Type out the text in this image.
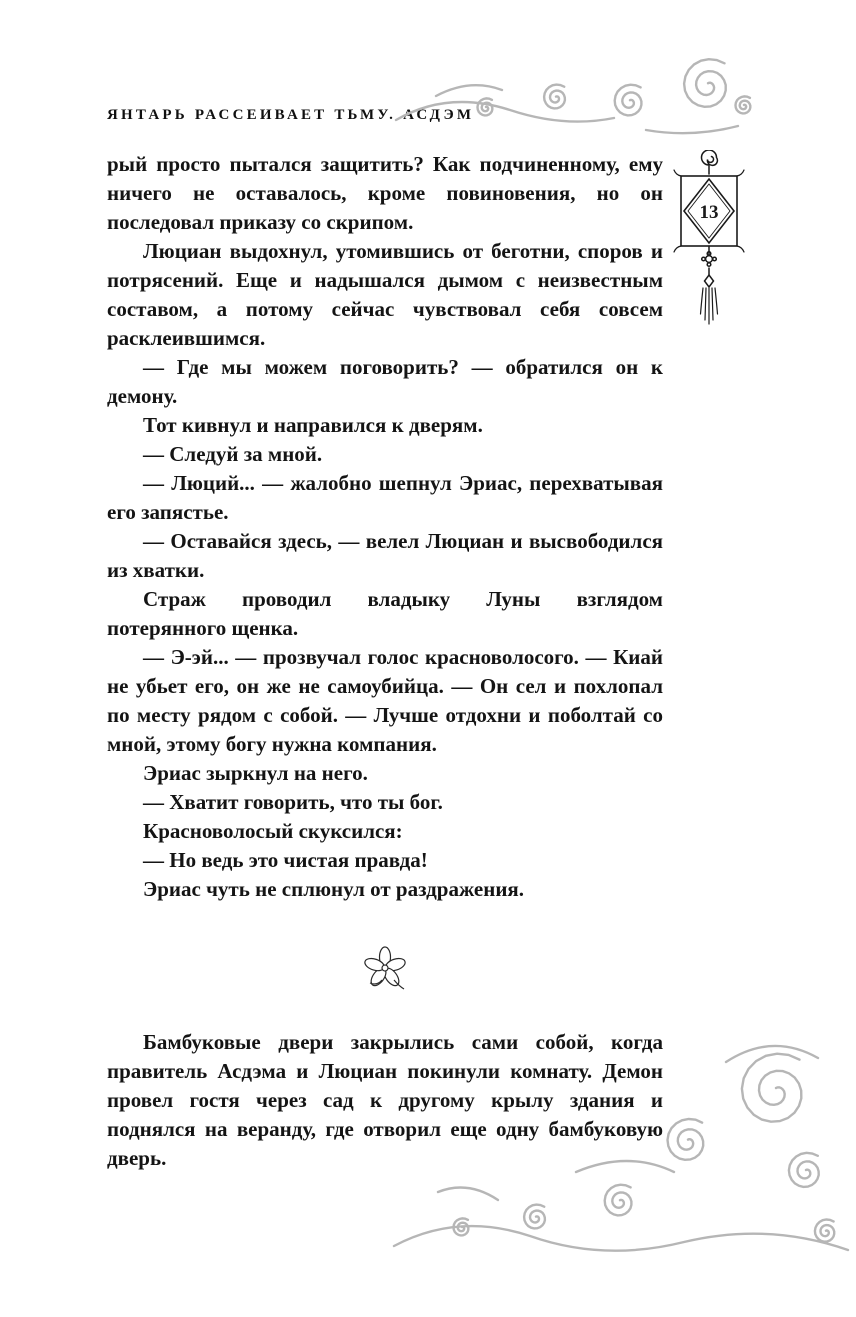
ЯНТАРЬ РАССЕИВАЕТ ТЬМУ. АСДЭМ
13

рый просто пытался защитить? Как подчиненному, ему ничего не оставалось, кроме повиновения, но он последовал приказу со скрипом.

Люциан выдохнул, утомившись от беготни, споров и потрясений. Еще и надышался дымом с неизвестным составом, а потому сейчас чувствовал себя совсем расклеившимся.

— Где мы можем поговорить? — обратился он к демону.

Тот кивнул и направился к дверям.

— Следуй за мной.

— Люций... — жалобно шепнул Эриас, перехватывая его запястье.

— Оставайся здесь, — велел Люциан и высвободился из хватки.

Страж проводил владыку Луны взглядом потерянного щенка.

— Э-эй... — прозвучал голос красноволосого. — Киай не убьет его, он же не самоубийца. — Он сел и похлопал по месту рядом с собой. — Лучше отдохни и поболтай со мной, этому богу нужна компания.

Эриас зыркнул на него.

— Хватит говорить, что ты бог.

Красноволосый скуксился:

— Но ведь это чистая правда!

Эриас чуть не сплюнул от раздражения.

Бамбуковые двери закрылись сами собой, когда правитель Асдэма и Люциан покинули комнату. Демон провел гостя через сад к другому крылу здания и поднялся на веранду, где отворил еще одну бамбуковую дверь.
